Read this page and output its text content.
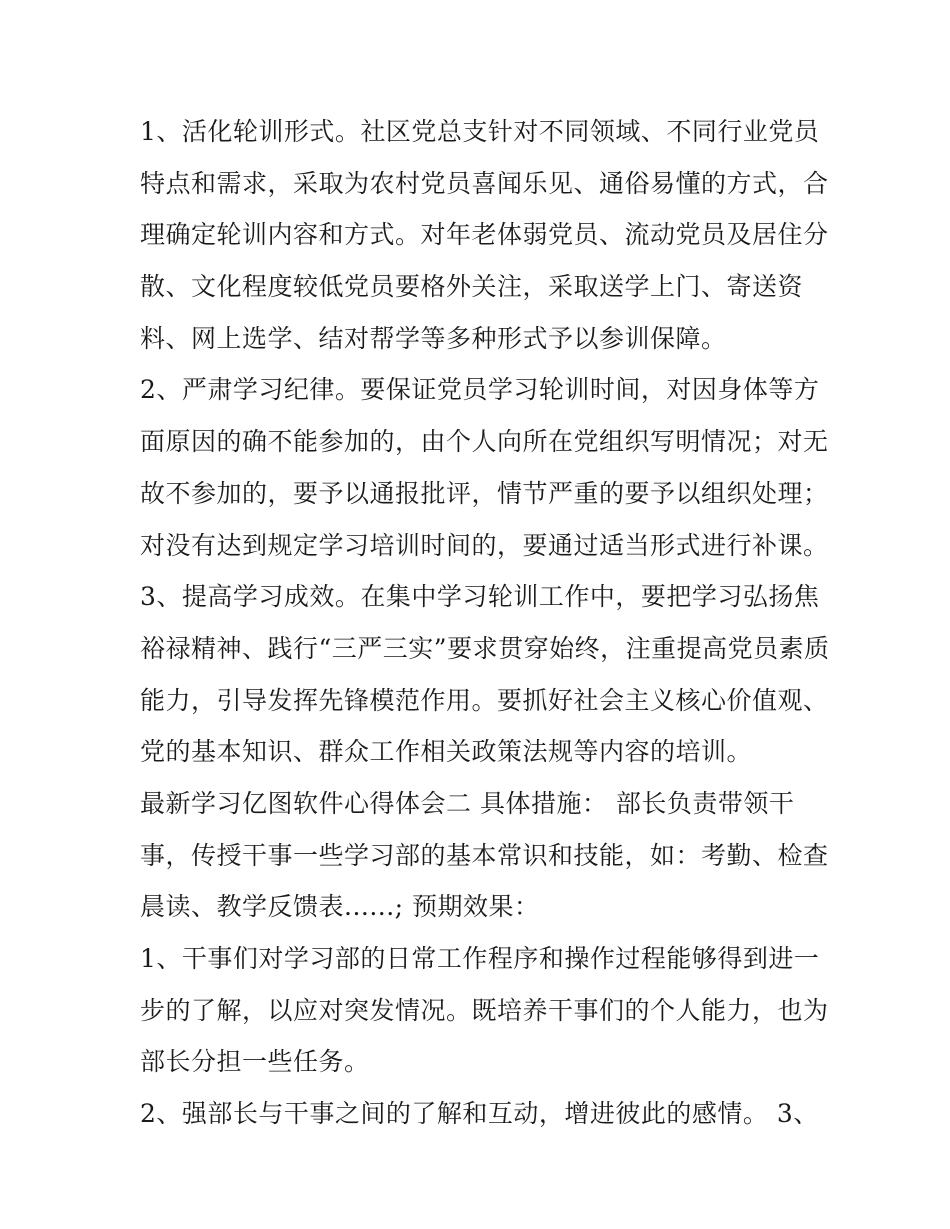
1、活化轮训形式。社区党总支针对不同领域、不同行业党员
特点和需求，采取为农村党员喜闻乐见、通俗易懂的方式，合
理确定轮训内容和方式。对年老体弱党员、流动党员及居住分
散、文化程度较低党员要格外关注，采取送学上门、寄送资
料、网上选学、结对帮学等多种形式予以参训保障。
2、严肃学习纪律。要保证党员学习轮训时间，对因身体等方
面原因的确不能参加的，由个人向所在党组织写明情况；对无
故不参加的，要予以通报批评，情节严重的要予以组织处理；
对没有达到规定学习培训时间的，要通过适当形式进行补课。
3、提高学习成效。在集中学习轮训工作中，要把学习弘扬焦
裕禄精神、践行“三严三实”要求贯穿始终，注重提高党员素质
能力，引导发挥先锋模范作用。要抓好社会主义核心价值观、
党的基本知识、群众工作相关政策法规等内容的培训。
最新学习亿图软件心得体会二 具体措施： 部长负责带领干
事，传授干事一些学习部的基本常识和技能，如：考勤、检查
晨读、教学反馈表......; 预期效果：
1、干事们对学习部的日常工作程序和操作过程能够得到进一
步的了解，以应对突发情况。既培养干事们的个人能力，也为
部长分担一些任务。
2、强部长与干事之间的了解和互动，增进彼此的感情。 3、
